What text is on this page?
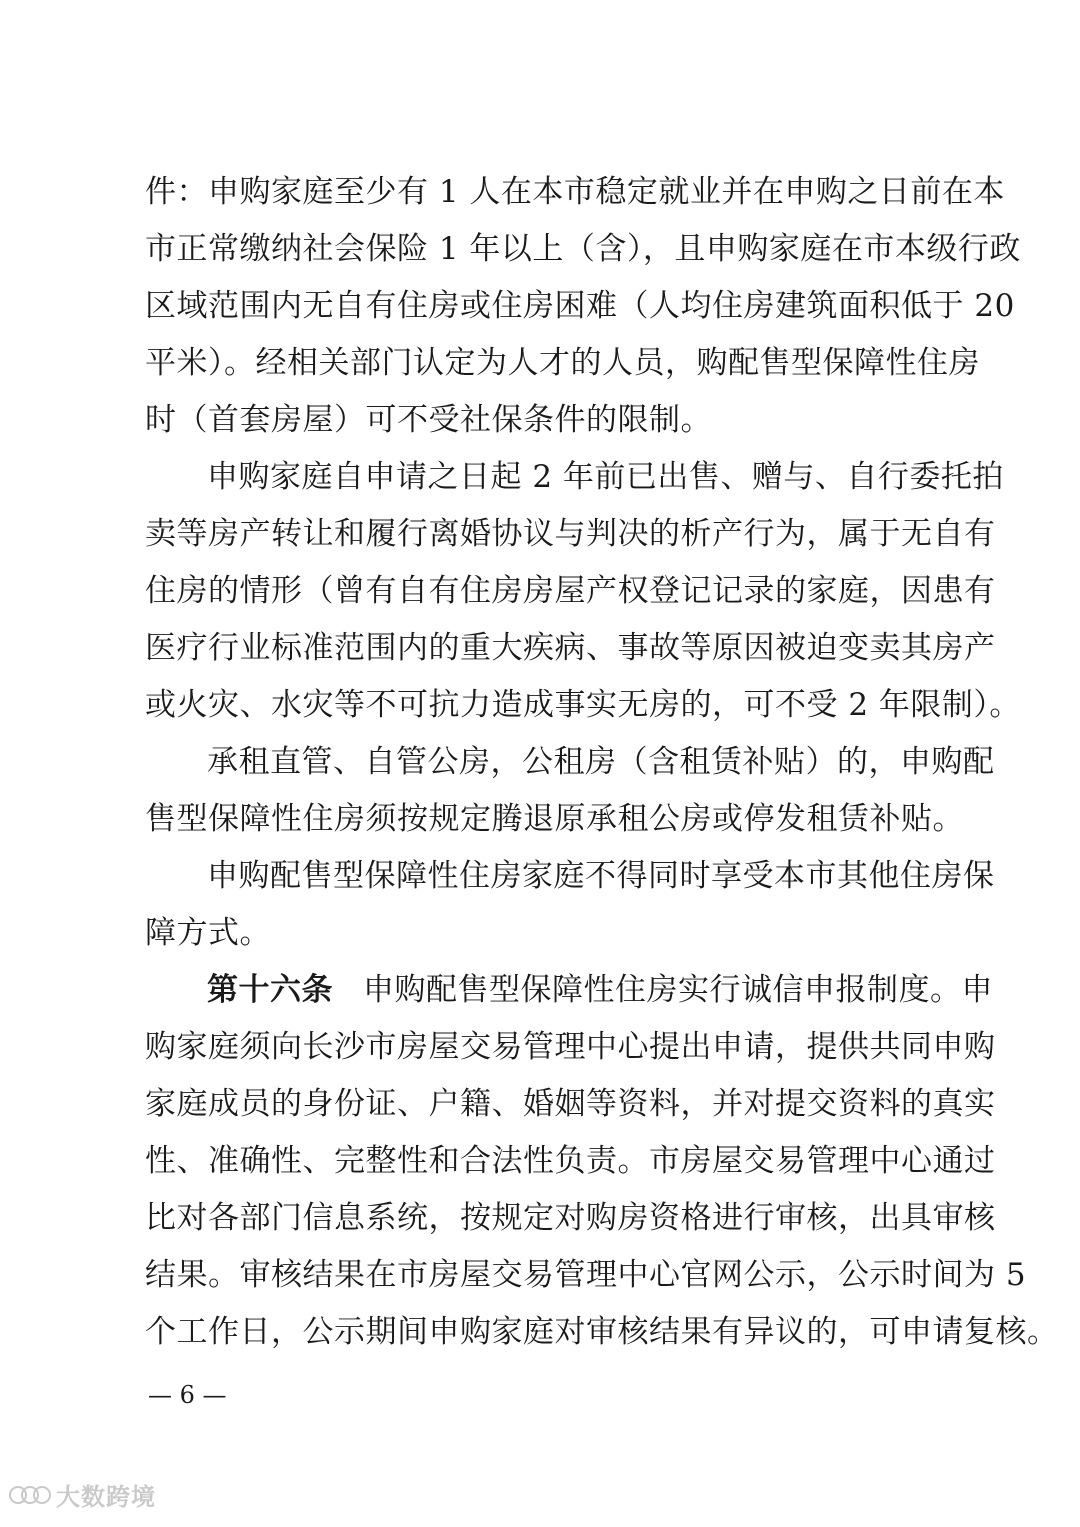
件：申购家庭至少有 1 人在本市稳定就业并在申购之日前在本
市正常缴纳社会保险 1 年以上（含），且申购家庭在市本级行政
区域范围内无自有住房或住房困难（人均住房建筑面积低于 20
平米）。经相关部门认定为人才的人员，购配售型保障性住房
时（首套房屋）可不受社保条件的限制。
申购家庭自申请之日起 2 年前已出售、赠与、自行委托拍
卖等房产转让和履行离婚协议与判决的析产行为，属于无自有
住房的情形（曾有自有住房房屋产权登记记录的家庭，因患有
医疗行业标准范围内的重大疾病、事故等原因被迫变卖其房产
或火灾、水灾等不可抗力造成事实无房的，可不受 2 年限制）。
承租直管、自管公房，公租房（含租赁补贴）的，申购配
售型保障性住房须按规定腾退原承租公房或停发租赁补贴。
申购配售型保障性住房家庭不得同时享受本市其他住房保
障方式。
第十六条 申购配售型保障性住房实行诚信申报制度。申
购家庭须向长沙市房屋交易管理中心提出申请，提供共同申购
家庭成员的身份证、户籍、婚姻等资料，并对提交资料的真实
性、准确性、完整性和合法性负责。市房屋交易管理中心通过
比对各部门信息系统，按规定对购房资格进行审核，出具审核
结果。审核结果在市房屋交易管理中心官网公示，公示时间为 5
个工作日，公示期间申购家庭对审核结果有异议的，可申请复核。
— 6 —
大数跨境
